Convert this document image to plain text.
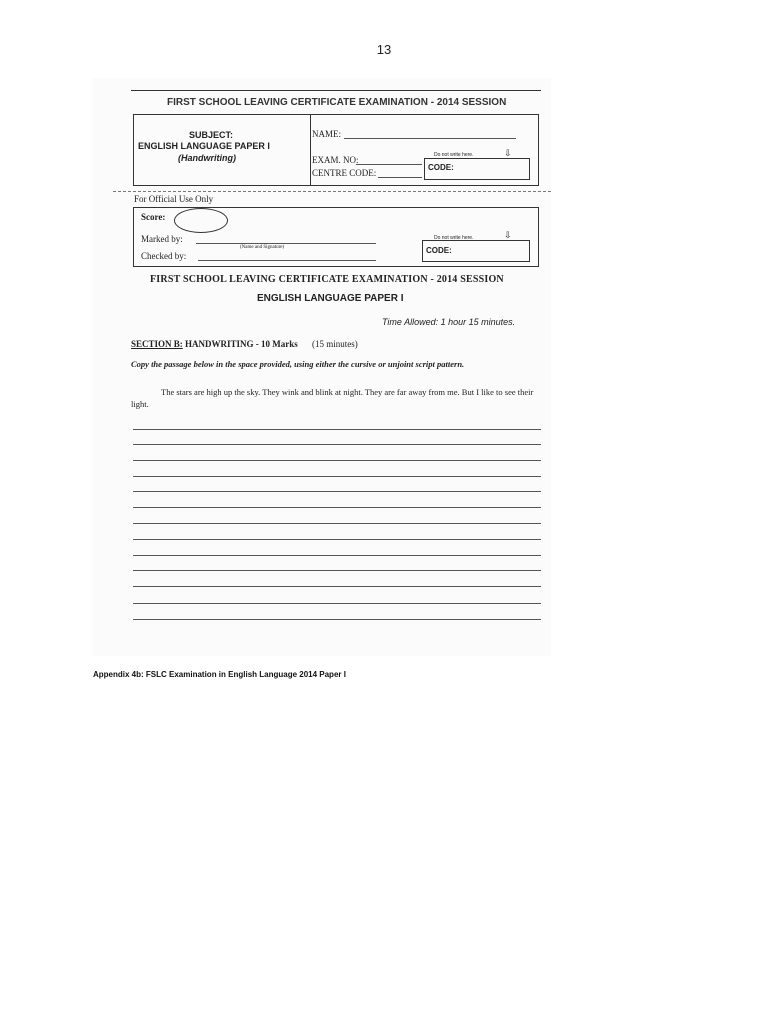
13
FIRST SCHOOL LEAVING CERTIFICATE EXAMINATION - 2014 SESSION
SUBJECT:
ENGLISH LANGUAGE PAPER I
(Handwriting)
NAME:
EXAM. NO:
CENTRE CODE:
Do not write here.	⇩
CODE:
For Official Use Only
Score:
Marked by:
(Name and Signature)
Checked by:
Do not write here.	⇩
CODE:
FIRST SCHOOL LEAVING CERTIFICATE EXAMINATION - 2014 SESSION
ENGLISH LANGUAGE PAPER I
Time Allowed: 1 hour 15 minutes.
SECTION B: HANDWRITING - 10 Marks (15 minutes)
Copy the passage below in the space provided, using either the cursive or unjoint script pattern.
The stars are high up the sky. They wink and blink at night. They are far away from me. But I like to see their light.
Appendix 4b: FSLC Examination in English Language 2014 Paper I
